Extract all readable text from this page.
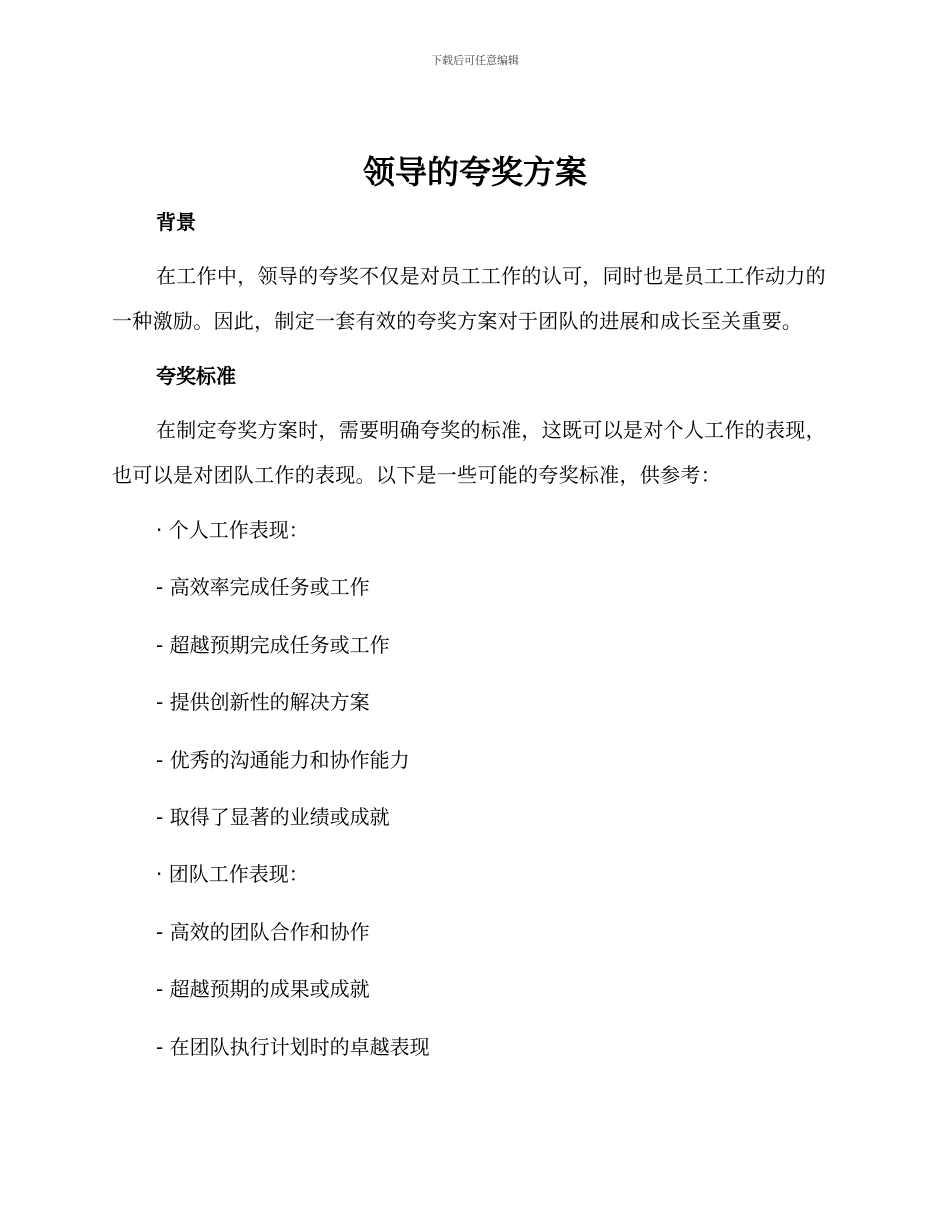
下载后可任意编辑
领导的夸奖方案
背景

在工作中，领导的夸奖不仅是对员工工作的认可，同时也是员工工作动力的一种激励。因此，制定一套有效的夸奖方案对于团队的进展和成长至关重要。

夸奖标准

在制定夸奖方案时，需要明确夸奖的标准，这既可以是对个人工作的表现，也可以是对团队工作的表现。以下是一些可能的夸奖标准，供参考：

· 个人工作表现：
- 高效率完成任务或工作
- 超越预期完成任务或工作
- 提供创新性的解决方案
- 优秀的沟通能力和协作能力
- 取得了显著的业绩或成就
· 团队工作表现：
- 高效的团队合作和协作
- 超越预期的成果或成就
- 在团队执行计划时的卓越表现
